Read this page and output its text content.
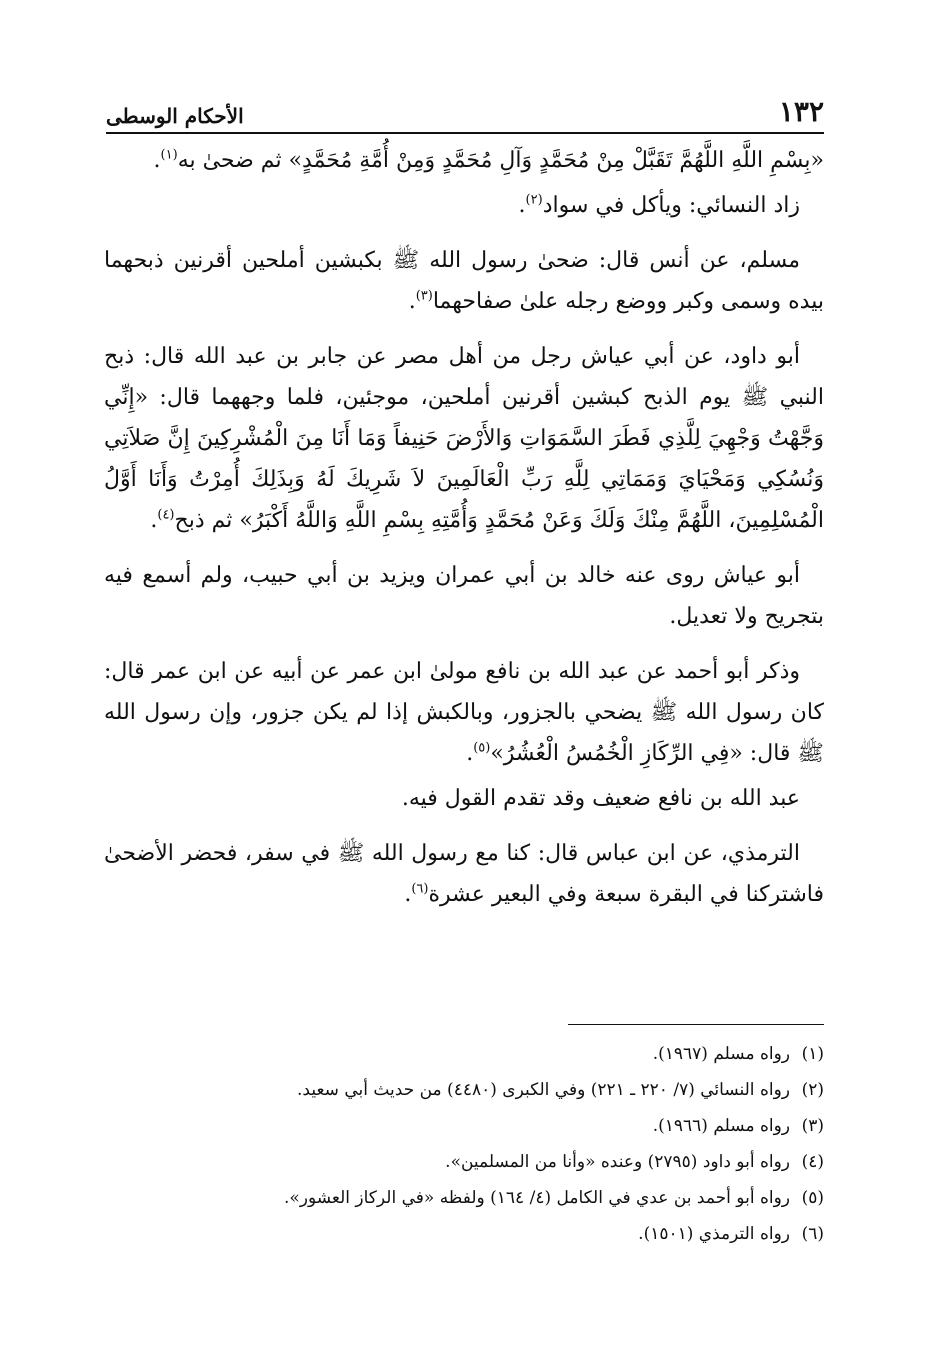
١٣٢
الأحكام الوسطى

«بِسْمِ اللَّهِ اللَّهُمَّ تَقَبَّلْ مِنْ مُحَمَّدٍ وَآلِ مُحَمَّدٍ وَمِنْ أُمَّةِ مُحَمَّدٍ» ثم ضحىٰ به$^{(١)}$.

زاد النسائي: ويأكل في سواد$^{(٢)}$.

مسلم، عن أنس قال: ضحىٰ رسول الله ﷺ بكبشين أملحين أقرنين ذبحهما بيده وسمى وكبر ووضع رجله علىٰ صفاحهما$^{(٣)}$.

أبو داود، عن أبي عياش رجل من أهل مصر عن جابر بن عبد الله قال: ذبح النبي ﷺ يوم الذبح كبشين أقرنين أملحين، موجئين، فلما وجههما قال: «إِنِّي وَجَّهْتُ وَجْهِيَ لِلَّذِي فَطَرَ السَّمَوَاتِ وَالأَرْضَ حَنِيفاً وَمَا أَنَا مِنَ الْمُشْرِكِينَ إِنَّ صَلاَتِي وَنُسُكِي وَمَحْيَايَ وَمَمَاتِي لِلَّهِ رَبِّ الْعَالَمِينَ لاَ شَرِيكَ لَهُ وَبِذَلِكَ أُمِرْتُ وَأَنَا أَوَّلُ الْمُسْلِمِينَ، اللَّهُمَّ مِنْكَ وَلَكَ وَعَنْ مُحَمَّدٍ وَأُمَّتِهِ بِسْمِ اللَّهِ وَاللَّهُ أَكْبَرُ» ثم ذبح$^{(٤)}$.

أبو عياش روى عنه خالد بن أبي عمران ويزيد بن أبي حبيب، ولم أسمع فيه بتجريح ولا تعديل.

وذكر أبو أحمد عن عبد الله بن نافع مولىٰ ابن عمر عن أبيه عن ابن عمر قال: كان رسول الله ﷺ يضحي بالجزور، وبالكبش إذا لم يكن جزور، وإن رسول الله ﷺ قال: «فِي الرِّكَازِ الْخُمُسُ الْعُشُرُ»$^{(٥)}$.

عبد الله بن نافع ضعيف وقد تقدم القول فيه.

الترمذي، عن ابن عباس قال: كنا مع رسول الله ﷺ في سفر، فحضر الأضحىٰ فاشتركنا في البقرة سبعة وفي البعير عشرة$^{(٦)}$.

(١)رواه مسلم (١٩٦٧).

(٢)رواه النسائي (٧/ ٢٢٠ ـ ٢٢١) وفي الكبرى (٤٤٨٠) من حديث أبي سعيد.

(٣)رواه مسلم (١٩٦٦).

(٤)رواه أبو داود (٢٧٩٥) وعنده «وأنا من المسلمين».

(٥)رواه أبو أحمد بن عدي في الكامل (٤/ ١٦٤) ولفظه «في الركاز العشور».

(٦)رواه الترمذي (١٥٠١).
